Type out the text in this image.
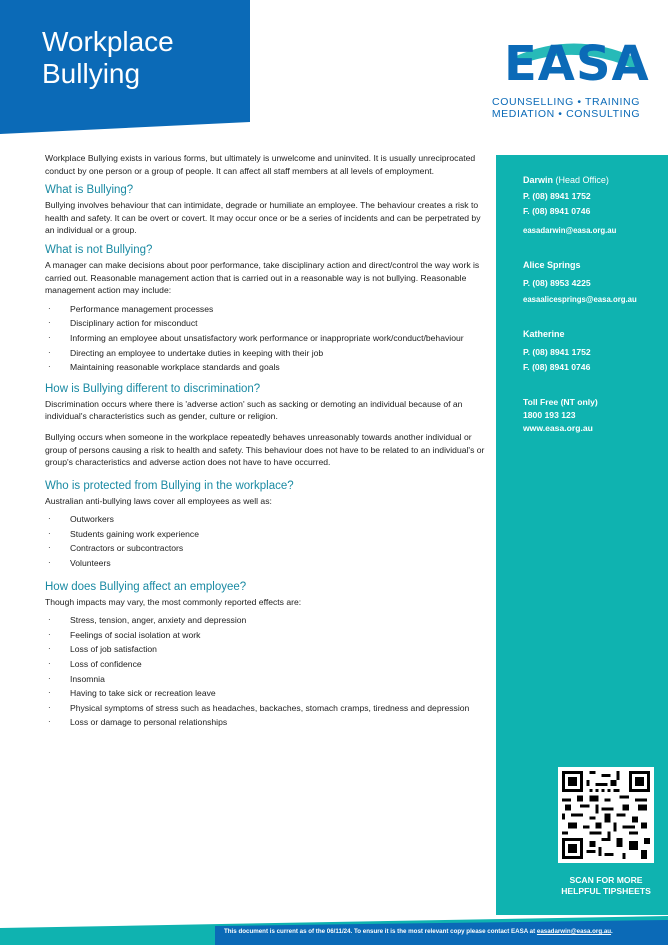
Workplace
Bullying	EASA
COUNSELLING • TRAINING
MEDIATION • CONSULTING

Workplace Bullying exists in various forms, but ultimately is unwelcome and uninvited. It is usually unreciprocated conduct by one person or a group of people. It can affect all staff members at all levels of employment.

What is Bullying?

Bullying involves behaviour that can intimidate, degrade or humiliate an employee. The behaviour creates a risk to health and safety. It can be overt or covert. It may occur once or be a series of incidents and can be perpetrated by an individual or a group.

What is not Bullying?

A manager can make decisions about poor performance, take disciplinary action and direct/control the way work is carried out. Reasonable management action that is carried out in a reasonable way is not bullying. Reasonable management action may include:

· Performance management processes
· Disciplinary action for misconduct
· Informing an employee about unsatisfactory work performance or inappropriate work/conduct/behaviour
· Directing an employee to undertake duties in keeping with their job
· Maintaining reasonable workplace standards and goals
How is Bullying different to discrimination?

Discrimination occurs where there is 'adverse action' such as sacking or demoting an individual because of an individual's characteristics such as gender, culture or religion.

Bullying occurs when someone in the workplace repeatedly behaves unreasonably towards another individual or group of persons causing a risk to health and safety. This behaviour does not have to be related to an individual's or group's characteristics and adverse action does not have to have occurred.

Who is protected from Bullying in the workplace?

Australian anti-bullying laws cover all employees as well as:

· Outworkers
· Students gaining work experience
· Contractors or subcontractors
· Volunteers
How does Bullying affect an employee?

Though impacts may vary, the most commonly reported effects are:

· Stress, tension, anger, anxiety and depression
· Feelings of social isolation at work
· Loss of job satisfaction
· Loss of confidence
· Insomnia
· Having to take sick or recreation leave
· Physical symptoms of stress such as headaches, backaches, stomach cramps, tiredness and depression
· Loss or damage to personal relationships
Darwin (Head Office)
P. (08) 8941 1752
F. (08) 8941 0746
easadarwin@easa.org.au
Alice Springs
P. (08) 8953 4225
easaalicesprings@easa.org.au
Katherine
P. (08) 8941 1752
F. (08) 8941 0746
Toll Free (NT only)
1800 193 123
www.easa.org.au
SCAN FOR MORE
HELPFUL TIPSHEETS
This document is current as of the 06/11/24. To ensure it is the most relevant copy please contact EASA at easadarwin@easa.org.au.
